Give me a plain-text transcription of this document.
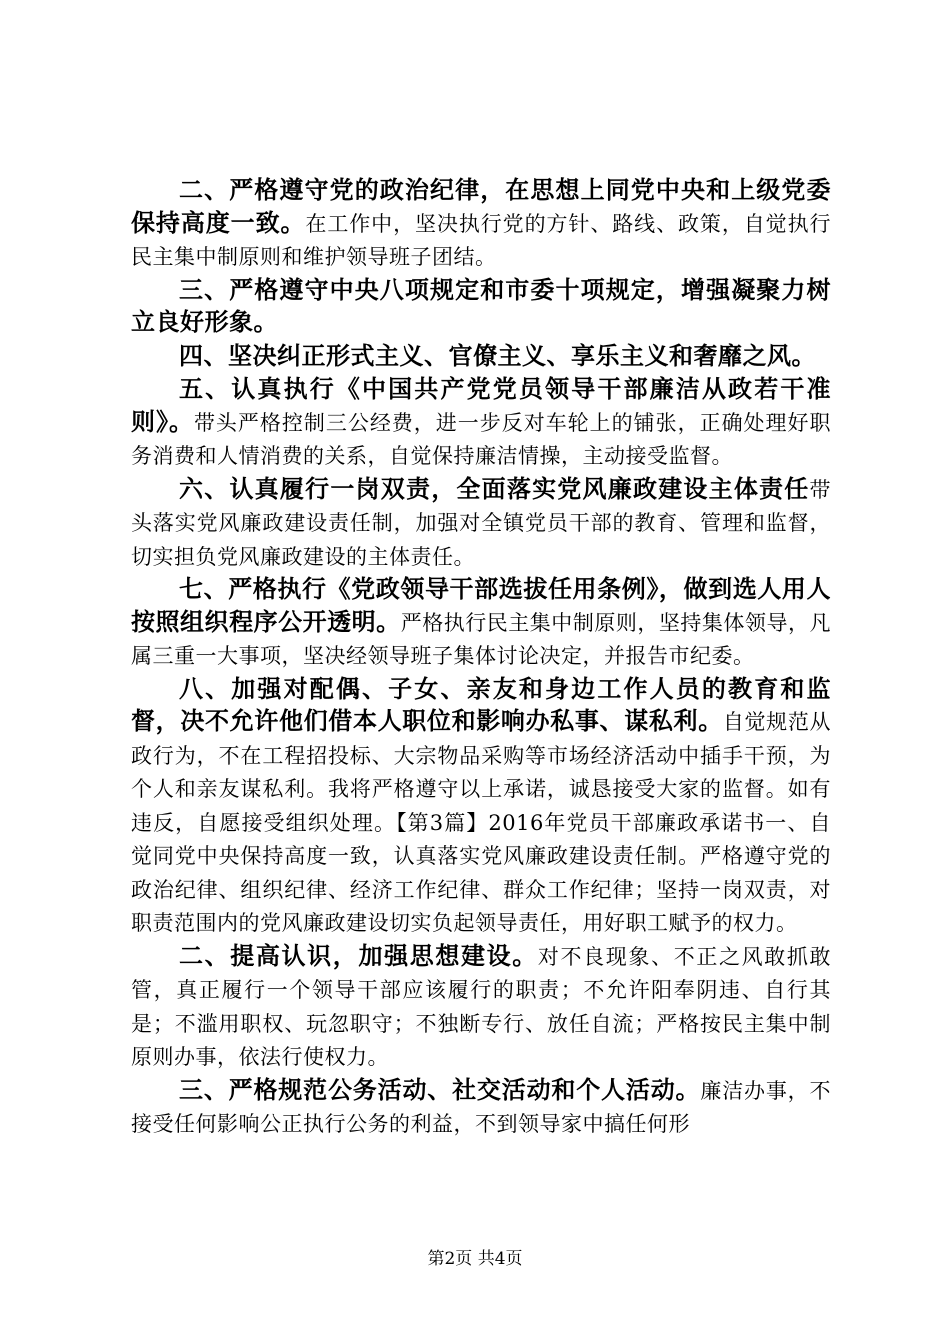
二、严格遵守党的政治纪律，在思想上同党中央和上级党委保持高度一致。在工作中，坚决执行党的方针、路线、政策，自觉执行民主集中制原则和维护领导班子团结。

三、严格遵守中央八项规定和市委十项规定，增强凝聚力树立良好形象。

四、坚决纠正形式主义、官僚主义、享乐主义和奢靡之风。

五、认真执行《中国共产党党员领导干部廉洁从政若干准则》。带头严格控制三公经费，进一步反对车轮上的铺张，正确处理好职务消费和人情消费的关系，自觉保持廉洁情操，主动接受监督。

六、认真履行一岗双责，全面落实党风廉政建设主体责任带头落实党风廉政建设责任制，加强对全镇党员干部的教育、管理和监督，切实担负党风廉政建设的主体责任。

七、严格执行《党政领导干部选拔任用条例》，做到选人用人按照组织程序公开透明。严格执行民主集中制原则，坚持集体领导，凡属三重一大事项，坚决经领导班子集体讨论决定，并报告市纪委。

八、加强对配偶、子女、亲友和身边工作人员的教育和监督，决不允许他们借本人职位和影响办私事、谋私利。自觉规范从政行为，不在工程招投标、大宗物品采购等市场经济活动中插手干预，为个人和亲友谋私利。我将严格遵守以上承诺，诚恳接受大家的监督。如有违反，自愿接受组织处理。【第3篇】2016年党员干部廉政承诺书一、自觉同党中央保持高度一致，认真落实党风廉政建设责任制。严格遵守党的政治纪律、组织纪律、经济工作纪律、群众工作纪律；坚持一岗双责，对职责范围内的党风廉政建设切实负起领导责任，用好职工赋予的权力。

二、提高认识，加强思想建设。对不良现象、不正之风敢抓敢管，真正履行一个领导干部应该履行的职责；不允许阳奉阴违、自行其是；不滥用职权、玩忽职守；不独断专行、放任自流；严格按民主集中制原则办事，依法行使权力。

三、严格规范公务活动、社交活动和个人活动。廉洁办事，不接受任何影响公正执行公务的利益，不到领导家中搞任何形

第2页 共4页
